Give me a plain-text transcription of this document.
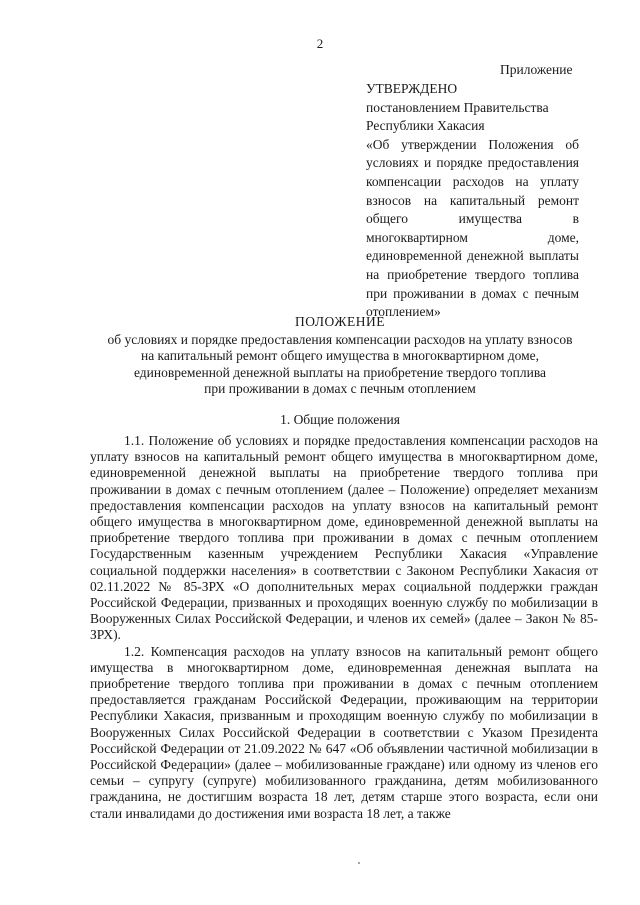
2
Приложение
УТВЕРЖДЕНО
постановлением Правительства
Республики Хакасия
«Об утверждении Положения об условиях и порядке предоставления компенсации расходов на уплату взносов на капитальный ремонт общего имущества в многоквартирном доме, единовременной денежной выплаты на приобретение твердого топлива при проживании в домах с печным отоплением»
ПОЛОЖЕНИЕ
об условиях и порядке предоставления компенсации расходов на уплату взносов
на капитальный ремонт общего имущества в многоквартирном доме,
единовременной денежной выплаты на приобретение твердого топлива
при проживании в домах с печным отоплением
1. Общие положения

1.1. Положение об условиях и порядке предоставления компенсации расходов на уплату взносов на капитальный ремонт общего имущества в многоквартирном доме, единовременной денежной выплаты на приобретение твердого топлива при проживании в домах с печным отоплением (далее – Положение) определяет механизм предоставления компенсации расходов на уплату взносов на капитальный ремонт общего имущества в многоквартирном доме, единовременной денежной выплаты на приобретение твердого топлива при проживании в домах с печным отоплением Государственным казенным учреждением Республики Хакасия «Управление социальной поддержки населения» в соответствии с Законом Республики Хакасия от 02.11.2022 № 85-ЗРХ «О дополнительных мерах социальной поддержки граждан Российской Федерации, призванных и проходящих военную службу по мобилизации в Вооруженных Силах Российской Федерации, и членов их семей» (далее – Закон № 85-ЗРХ).

1.2. Компенсация расходов на уплату взносов на капитальный ремонт общего имущества в многоквартирном доме, единовременная денежная выплата на приобретение твердого топлива при проживании в домах с печным отоплением предоставляется гражданам Российской Федерации, проживающим на территории Республики Хакасия, призванным и проходящим военную службу по мобилизации в Вооруженных Силах Российской Федерации в соответствии с Указом Президента Российской Федерации от 21.09.2022 № 647 «Об объявлении частичной мобилизации в Российской Федерации» (далее – мобилизованные граждане) или одному из членов его семьи – супругу (супруге) мобилизованного гражданина, детям мобилизованного гражданина, не достигшим возраста 18 лет, детям старше этого возраста, если они стали инвалидами до достижения ими возраста 18 лет, а также
